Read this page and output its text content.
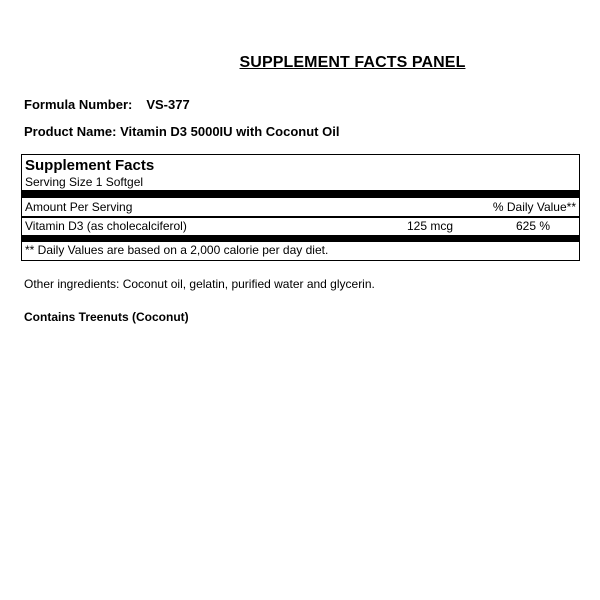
SUPPLEMENT FACTS PANEL
Formula Number: VS-377
Product Name: Vitamin D3 5000IU with Coconut Oil
Supplement Facts
Serving Size 1 Softgel
Amount Per Serving	% Daily Value**
Vitamin D3 (as cholecalciferol)	125 mcg	625 %
** Daily Values are based on a 2,000 calorie per day diet.
Other ingredients: Coconut oil, gelatin, purified water and glycerin.
Contains Treenuts (Coconut)
